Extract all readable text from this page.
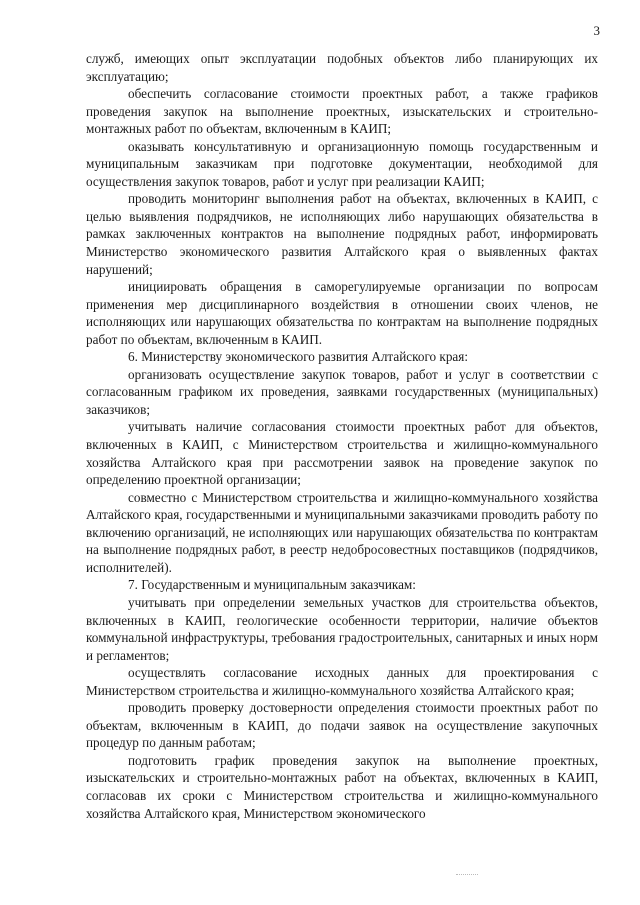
3

служб, имеющих опыт эксплуатации подобных объектов либо планирующих их эксплуатацию;

обеспечить согласование стоимости проектных работ, а также графиков проведения закупок на выполнение проектных, изыскательских и строительно-монтажных работ по объектам, включенным в КАИП;

оказывать консультативную и организационную помощь государственным и муниципальным заказчикам при подготовке документации, необходимой для осуществления закупок товаров, работ и услуг при реализации КАИП;

проводить мониторинг выполнения работ на объектах, включенных в КАИП, с целью выявления подрядчиков, не исполняющих либо нарушающих обязательства в рамках заключенных контрактов на выполнение подрядных работ, информировать Министерство экономического развития Алтайского края о выявленных фактах нарушений;

инициировать обращения в саморегулируемые организации по вопросам применения мер дисциплинарного воздействия в отношении своих членов, не исполняющих или нарушающих обязательства по контрактам на выполнение подрядных работ по объектам, включенным в КАИП.

6. Министерству экономического развития Алтайского края:

организовать осуществление закупок товаров, работ и услуг в соответствии с согласованным графиком их проведения, заявками государственных (муниципальных) заказчиков;

учитывать наличие согласования стоимости проектных работ для объектов, включенных в КАИП, с Министерством строительства и жилищно-коммунального хозяйства Алтайского края при рассмотрении заявок на проведение закупок по определению проектной организации;

совместно с Министерством строительства и жилищно-коммунального хозяйства Алтайского края, государственными и муниципальными заказчиками проводить работу по включению организаций, не исполняющих или нарушающих обязательства по контрактам на выполнение подрядных работ, в реестр недобросовестных поставщиков (подрядчиков, исполнителей).

7. Государственным и муниципальным заказчикам:

учитывать при определении земельных участков для строительства объектов, включенных в КАИП, геологические особенности территории, наличие объектов коммунальной инфраструктуры, требования градостроительных, санитарных и иных норм и регламентов;

осуществлять согласование исходных данных для проектирования с Министерством строительства и жилищно-коммунального хозяйства Алтайского края;

проводить проверку достоверности определения стоимости проектных работ по объектам, включенным в КАИП, до подачи заявок на осуществление закупочных процедур по данным работам;

подготовить график проведения закупок на выполнение проектных, изыскательских и строительно-монтажных работ на объектах, включенных в КАИП, согласовав их сроки с Министерством строительства и жилищно-коммунального хозяйства Алтайского края, Министерством экономического
